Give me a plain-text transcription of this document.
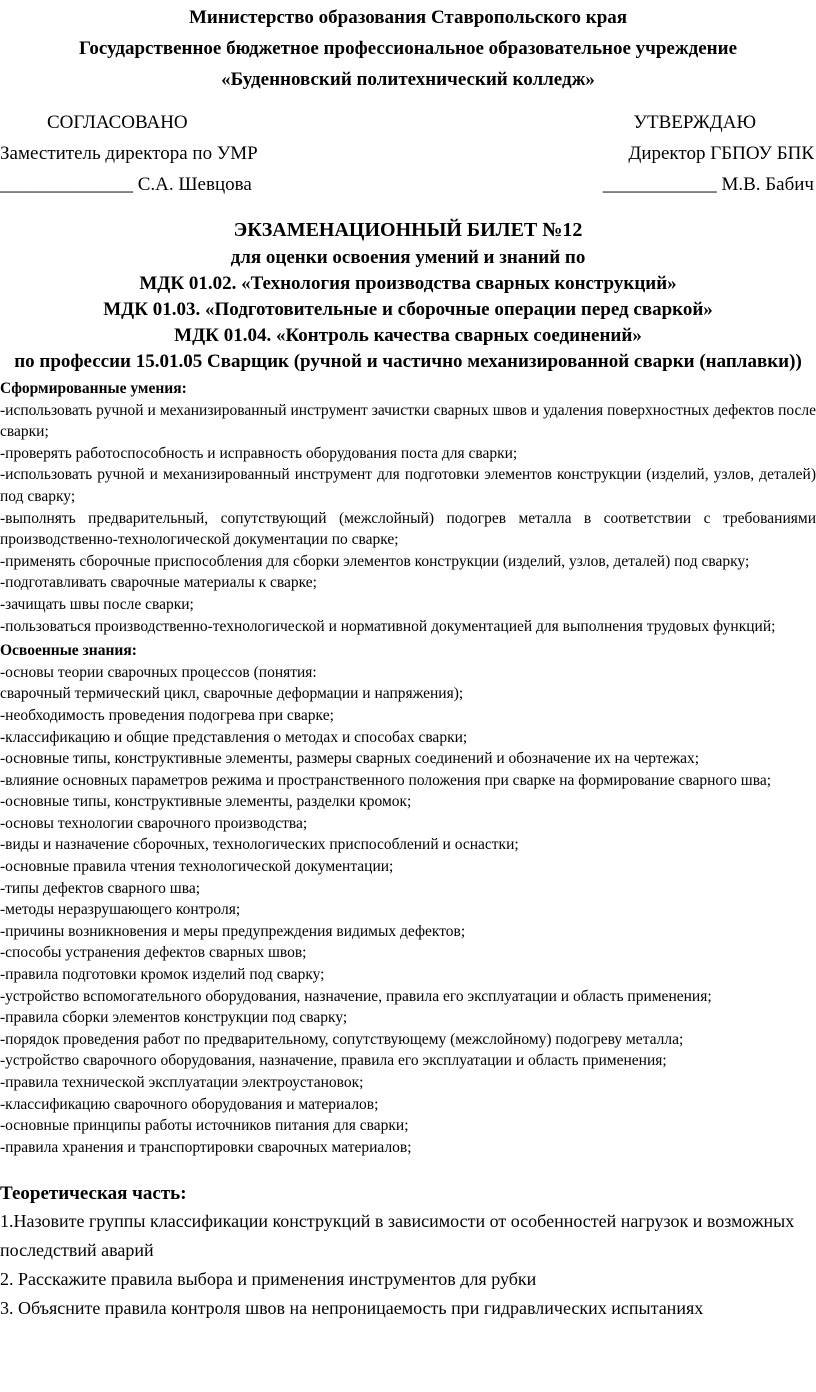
Министерство образования Ставропольского края
Государственное бюджетное профессиональное образовательное учреждение
«Буденновский политехнический колледж»
СОГЛАСОВАНО
Заместитель директора по УМР
______________ С.А. Шевцова
УТВЕРЖДАЮ
Директор ГБПОУ БПК
____________ М.В. Бабич
ЭКЗАМЕНАЦИОННЫЙ БИЛЕТ №12
для оценки освоения умений и знаний по
МДК 01.02. «Технология производства сварных конструкций»
МДК 01.03. «Подготовительные и сборочные операции перед сваркой»
МДК 01.04. «Контроль качества сварных соединений»
по профессии 15.01.05 Сварщик (ручной и частично механизированной сварки (наплавки))
Сформированные умения:
-использовать ручной и механизированный инструмент зачистки сварных швов и удаления поверхностных дефектов после сварки;
-проверять работоспособность и исправность оборудования поста для сварки;
-использовать ручной и механизированный инструмент для подготовки элементов конструкции (изделий, узлов, деталей) под сварку;
-выполнять предварительный, сопутствующий (межслойный) подогрев металла в соответствии с требованиями производственно-технологической документации по сварке;
-применять сборочные приспособления для сборки элементов конструкции (изделий, узлов, деталей) под сварку;
-подготавливать сварочные материалы к сварке;
-зачищать швы после сварки;
-пользоваться производственно-технологической и нормативной документацией для выполнения трудовых функций;
Освоенные знания:
-основы теории сварочных процессов (понятия:
сварочный термический цикл, сварочные деформации и напряжения);
-необходимость проведения подогрева при сварке;
-классификацию и общие представления о методах и способах сварки;
-основные типы, конструктивные элементы, размеры сварных соединений и обозначение их на чертежах;
-влияние основных параметров режима и пространственного положения при сварке на формирование сварного шва;
-основные типы, конструктивные элементы, разделки кромок;
-основы технологии сварочного производства;
-виды и назначение сборочных, технологических приспособлений и оснастки;
-основные правила чтения технологической документации;
-типы дефектов сварного шва;
-методы неразрушающего контроля;
-причины возникновения и меры предупреждения видимых дефектов;
-способы устранения дефектов сварных швов;
-правила подготовки кромок изделий под сварку;
-устройство вспомогательного оборудования, назначение, правила его эксплуатации и область применения;
-правила сборки элементов конструкции под сварку;
-порядок проведения работ по предварительному, сопутствующему (межслойному) подогреву металла;
-устройство сварочного оборудования, назначение, правила его эксплуатации и область применения;
-правила технической эксплуатации электроустановок;
-классификацию сварочного оборудования и материалов;
-основные принципы работы источников питания для сварки;
-правила хранения и транспортировки сварочных материалов;
Теоретическая часть:
1.Назовите группы классификации конструкций в зависимости от особенностей нагрузок и возможных последствий аварий
2. Расскажите правила выбора и применения инструментов для рубки
3. Объясните правила контроля швов на непроницаемость при гидравлических испытаниях
